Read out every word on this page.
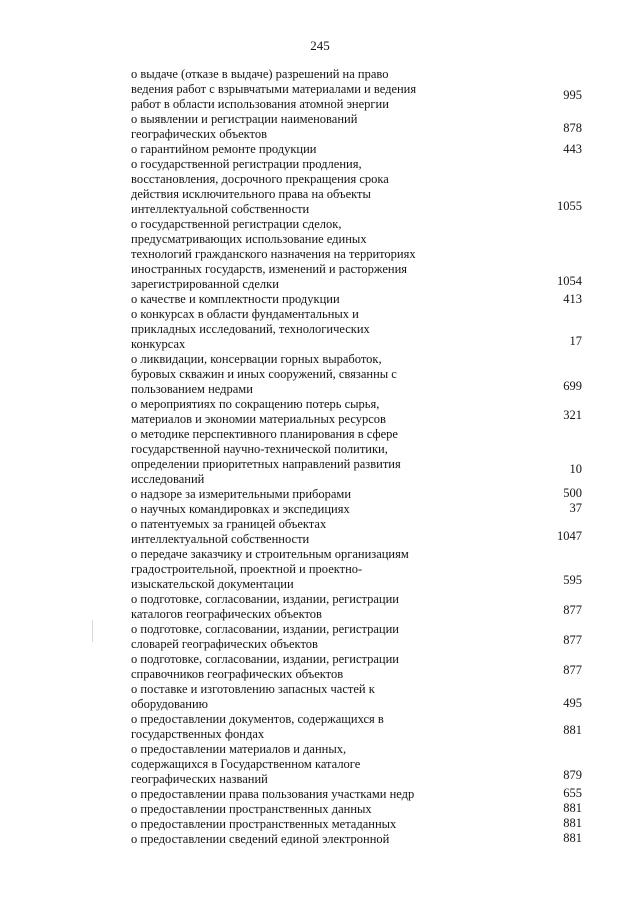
245
о выдаче (отказе в выдаче) разрешений на право
ведения работ с взрывчатыми материалами и ведения
работ в области использования атомной энергии
995
о выявлении и регистрации наименований
географических объектов	878
о гарантийном ремонте продукции	443
о государственной регистрации продления,
восстановления, досрочного прекращения срока
действия исключительного права на объекты
интеллектуальной собственности	1055
о государственной регистрации сделок,
предусматривающих использование единых
технологий гражданского назначения на территориях
иностранных государств, изменений и расторжения
зарегистрированной сделки	1054
о качестве и комплектности продукции	413
о конкурсах в области фундаментальных и
прикладных исследований, технологических
конкурсах	17
о ликвидации, консервации горных выработок,
буровых скважин и иных сооружений, связанны с
пользованием недрами	699
о мероприятиях по сокращению потерь сырья,
материалов и экономии материальных ресурсов	321
о методике перспективного планирования в сфере
государственной научно-технической политики,
определении приоритетных направлений развития
исследований
10
о надзоре за измерительными приборами	500
о научных командировках и экспедициях	37
о патентуемых за границей объектах
интеллектуальной собственности	1047
о передаче заказчику и строительным организациям
градостроительной, проектной и проектно-
изыскательской документации	595
о подготовке, согласовании, издании, регистрации
каталогов географических объектов	877
о подготовке, согласовании, издании, регистрации
словарей географических объектов	877
о подготовке, согласовании, издании, регистрации
справочников географических объектов	877
о поставке и изготовлению запасных частей к
оборудованию	495
о предоставлении документов, содержащихся в
государственных фондах	881
о предоставлении материалов и данных,
содержащихся в Государственном каталоге
географических названий	879
о предоставлении права пользования участками недр	655
о предоставлении пространственных данных	881
о предоставлении пространственных метаданных	881
о предоставлении сведений единой электронной	881
